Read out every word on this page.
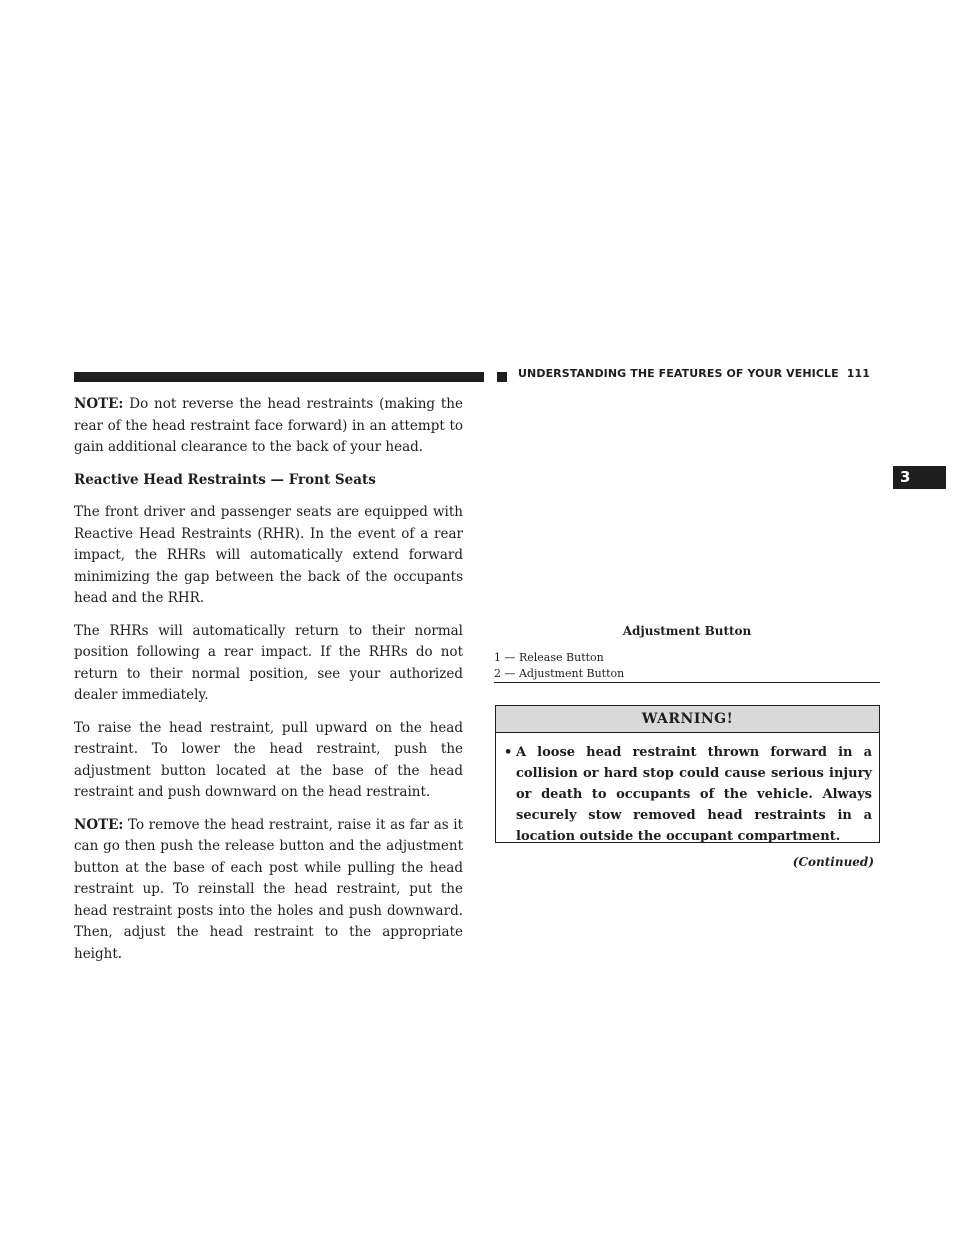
UNDERSTANDING THE FEATURES OF YOUR VEHICLE 111
3

NOTE: Do not reverse the head restraints (making the rear of the head restraint face forward) in an attempt to gain additional clearance to the back of your head.

Reactive Head Restraints — Front Seats

The front driver and passenger seats are equipped with Reactive Head Restraints (RHR). In the event of a rear impact, the RHRs will automatically extend forward minimizing the gap between the back of the occupants head and the RHR.

The RHRs will automatically return to their normal position following a rear impact. If the RHRs do not return to their normal position, see your authorized dealer immediately.

To raise the head restraint, pull upward on the head restraint. To lower the head restraint, push the adjustment button located at the base of the head restraint and push downward on the head restraint.

NOTE: To remove the head restraint, raise it as far as it can go then push the release button and the adjustment button at the base of each post while pulling the head restraint up. To reinstall the head restraint, put the head restraint posts into the holes and push downward. Then, adjust the head restraint to the appropriate height.

Adjustment Button
1 — Release Button
2 — Adjustment Button
WARNING!
• A loose head restraint thrown forward in a collision or hard stop could cause serious injury or death to occupants of the vehicle. Always securely stow removed head restraints in a location outside the occupant compartment.
(Continued)
